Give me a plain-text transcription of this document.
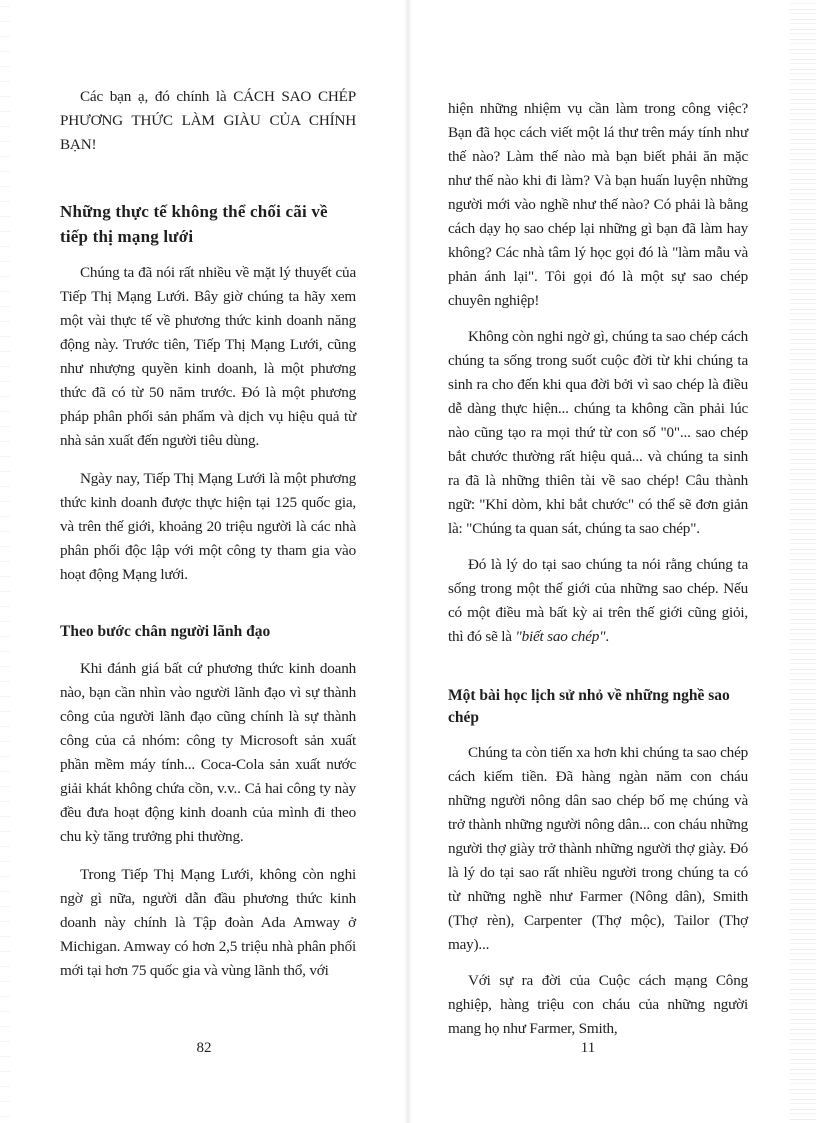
Các bạn ạ, đó chính là CÁCH SAO CHÉP PHƯƠNG THỨC LÀM GIÀU CỦA CHÍNH BẠN!

Những thực tế không thể chối cãi về tiếp thị mạng lưới

Chúng ta đã nói rất nhiều về mặt lý thuyết của Tiếp Thị Mạng Lưới. Bây giờ chúng ta hãy xem một vài thực tế về phương thức kinh doanh năng động này. Trước tiên, Tiếp Thị Mạng Lưới, cũng như nhượng quyền kinh doanh, là một phương thức đã có từ 50 năm trước. Đó là một phương pháp phân phối sản phẩm và dịch vụ hiệu quả từ nhà sản xuất đến người tiêu dùng.

Ngày nay, Tiếp Thị Mạng Lưới là một phương thức kinh doanh được thực hiện tại 125 quốc gia, và trên thế giới, khoảng 20 triệu người là các nhà phân phối độc lập với một công ty tham gia vào hoạt động Mạng lưới.

Theo bước chân người lãnh đạo

Khi đánh giá bất cứ phương thức kinh doanh nào, bạn cần nhìn vào người lãnh đạo vì sự thành công của người lãnh đạo cũng chính là sự thành công của cả nhóm: công ty Microsoft sản xuất phần mềm máy tính... Coca-Cola sản xuất nước giải khát không chứa cồn, v.v.. Cả hai công ty này đều đưa hoạt động kinh doanh của mình đi theo chu kỳ tăng trưởng phi thường.

Trong Tiếp Thị Mạng Lưới, không còn nghi ngờ gì nữa, người dẫn đầu phương thức kinh doanh này chính là Tập đoàn Ada Amway ở Michigan. Amway có hơn 2,5 triệu nhà phân phối mới tại hơn 75 quốc gia và vùng lãnh thổ, với

82

hiện những nhiệm vụ cần làm trong công việc? Bạn đã học cách viết một lá thư trên máy tính như thế nào? Làm thế nào mà bạn biết phải ăn mặc như thế nào khi đi làm? Và bạn huấn luyện những người mới vào nghề như thế nào? Có phải là bằng cách dạy họ sao chép lại những gì bạn đã làm hay không? Các nhà tâm lý học gọi đó là "làm mẫu và phản ánh lại". Tôi gọi đó là một sự sao chép chuyên nghiệp!

Không còn nghi ngờ gì, chúng ta sao chép cách chúng ta sống trong suốt cuộc đời từ khi chúng ta sinh ra cho đến khi qua đời bởi vì sao chép là điều dễ dàng thực hiện... chúng ta không cần phải lúc nào cũng tạo ra mọi thứ từ con số "0"... sao chép bắt chước thường rất hiệu quả... và chúng ta sinh ra đã là những thiên tài về sao chép! Câu thành ngữ: "Khỉ dòm, khỉ bắt chước" có thể sẽ đơn giản là: "Chúng ta quan sát, chúng ta sao chép".

Đó là lý do tại sao chúng ta nói rằng chúng ta sống trong một thế giới của những sao chép. Nếu có một điều mà bất kỳ ai trên thế giới cũng giỏi, thì đó sẽ là "biết sao chép".

Một bài học lịch sử nhỏ về những nghề sao chép

Chúng ta còn tiến xa hơn khi chúng ta sao chép cách kiếm tiền. Đã hàng ngàn năm con cháu những người nông dân sao chép bố mẹ chúng và trở thành những người nông dân... con cháu những người thợ giày trở thành những người thợ giày. Đó là lý do tại sao rất nhiều người trong chúng ta có từ những nghề như Farmer (Nông dân), Smith (Thợ rèn), Carpenter (Thợ mộc), Tailor (Thợ may)...

Với sự ra đời của Cuộc cách mạng Công nghiệp, hàng triệu con cháu của những người mang họ như Farmer, Smith,

11
